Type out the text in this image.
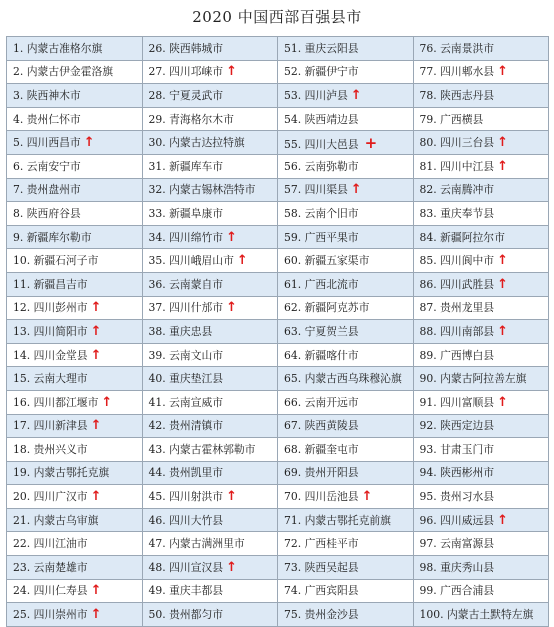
2020 中国西部百强县市
1. 内蒙古准格尔旗	26. 陕西韩城市	51. 重庆云阳县	76. 云南景洪市
2. 内蒙古伊金霍洛旗	27. 四川邛崃市 ↑	52. 新疆伊宁市	77. 四川郫水县 ↑
3. 陕西神木市	28. 宁夏灵武市	53. 四川泸县 ↑	78. 陕西志丹县
4. 贵州仁怀市	29. 青海格尔木市	54. 陕西靖边县	79. 广西横县
5. 四川西昌市 ↑	30. 内蒙古达拉特旗	55. 四川大邑县 +	80. 四川三台县 ↑
6. 云南安宁市	31. 新疆库车市	56. 云南弥勒市	81. 四川中江县 ↑
7. 贵州盘州市	32. 内蒙古锡林浩特市	57. 四川渠县 ↑	82. 云南腾冲市
8. 陕西府谷县	33. 新疆阜康市	58. 云南个旧市	83. 重庆奉节县
9. 新疆库尔勒市	34. 四川绵竹市 ↑	59. 广西平果市	84. 新疆阿拉尔市
10. 新疆石河子市	35. 四川峨眉山市 ↑	60. 新疆五家渠市	85. 四川阆中市 ↑
11. 新疆昌吉市	36. 云南蒙自市	61. 广西北流市	86. 四川武胜县 ↑
12. 四川彭州市 ↑	37. 四川什邡市 ↑	62. 新疆阿克苏市	87. 贵州龙里县
13. 四川简阳市 ↑	38. 重庆忠县	63. 宁夏贺兰县	88. 四川南部县 ↑
14. 四川金堂县 ↑	39. 云南文山市	64. 新疆喀什市	89. 广西博白县
15. 云南大理市	40. 重庆垫江县	65. 内蒙古西乌珠穆沁旗	90. 内蒙古阿拉善左旗
16. 四川都江堰市 ↑	41. 云南宣威市	66. 云南开远市	91. 四川富顺县 ↑
17. 四川新津县 ↑	42. 贵州清镇市	67. 陕西黄陵县	92. 陕西定边县
18. 贵州兴义市	43. 内蒙古霍林郭勒市	68. 新疆奎屯市	93. 甘肃玉门市
19. 内蒙古鄂托克旗	44. 贵州凯里市	69. 贵州开阳县	94. 陕西彬州市
20. 四川广汉市 ↑	45. 四川射洪市 ↑	70. 四川岳池县 ↑	95. 贵州习水县
21. 内蒙古乌审旗	46. 四川大竹县	71. 内蒙古鄂托克前旗	96. 四川威远县 ↑
22. 四川江油市	47. 内蒙古满洲里市	72. 广西桂平市	97. 云南富源县
23. 云南楚雄市	48. 四川宣汉县 ↑	73. 陕西吴起县	98. 重庆秀山县
24. 四川仁寿县 ↑	49. 重庆丰都县	74. 广西宾阳县	99. 广西合浦县
25. 四川崇州市 ↑	50. 贵州都匀市	75. 贵州金沙县	100. 内蒙古土默特左旗
